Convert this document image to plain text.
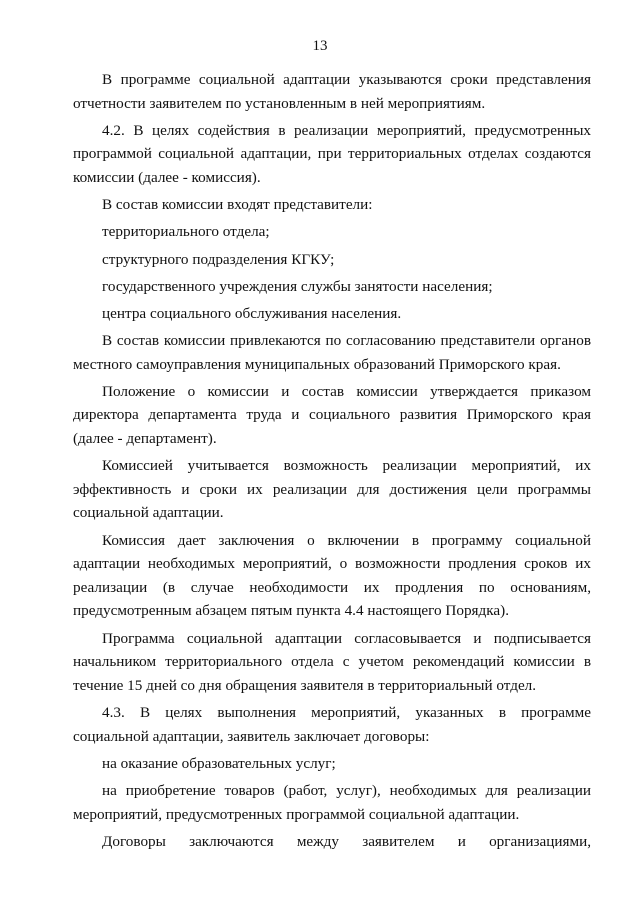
13

В программе социальной адаптации указываются сроки представления отчетности заявителем по установленным в ней мероприятиям.

4.2. В целях содействия в реализации мероприятий, предусмотренных программой социальной адаптации, при территориальных отделах создаются комиссии (далее - комиссия).

В состав комиссии входят представители:

территориального отдела;

структурного подразделения КГКУ;

государственного учреждения службы занятости населения;

центра социального обслуживания населения.

В состав комиссии привлекаются по согласованию представители органов местного самоуправления муниципальных образований Приморского края.

Положение о комиссии и состав комиссии утверждается приказом директора департамента труда и социального развития Приморского края (далее - департамент).

Комиссией учитывается возможность реализации мероприятий, их эффективность и сроки их реализации для достижения цели программы социальной адаптации.

Комиссия дает заключения о включении в программу социальной адаптации необходимых мероприятий, о возможности продления сроков их реализации (в случае необходимости их продления по основаниям, предусмотренным абзацем пятым пункта 4.4 настоящего Порядка).

Программа социальной адаптации согласовывается и подписывается начальником территориального отдела с учетом рекомендаций комиссии в течение 15 дней со дня обращения заявителя в территориальный отдел.

4.3. В целях выполнения мероприятий, указанных в программе социальной адаптации, заявитель заключает договоры:

на оказание образовательных услуг;

на приобретение товаров (работ, услуг), необходимых для реализации мероприятий, предусмотренных программой социальной адаптации.

Договоры заключаются между заявителем и организациями,
